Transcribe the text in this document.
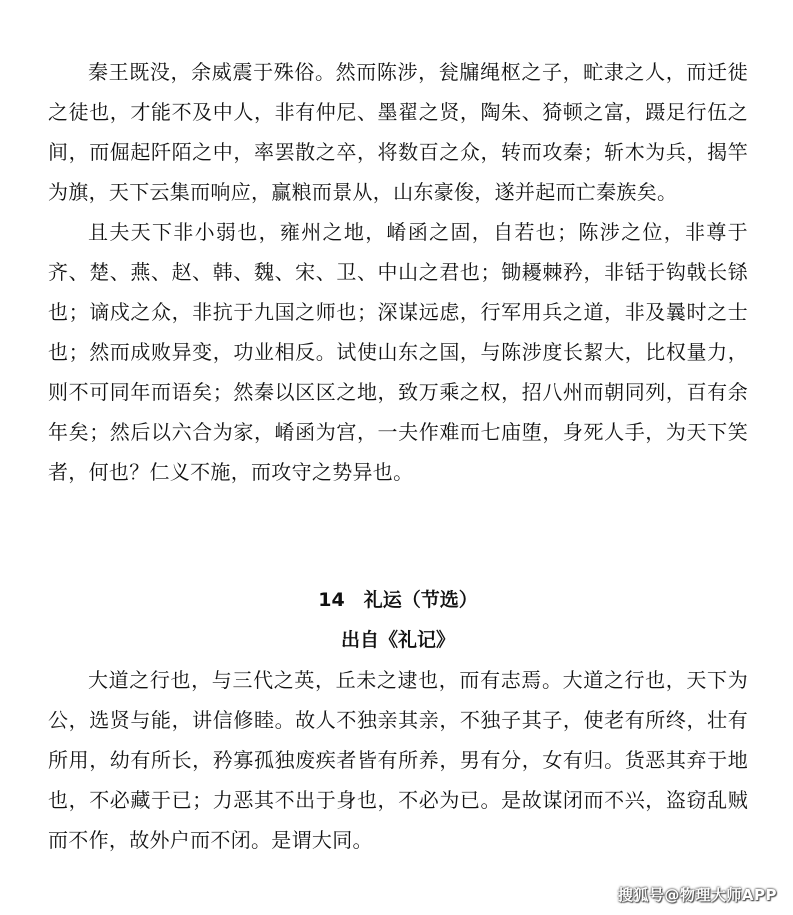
秦王既没，余威震于殊俗。然而陈涉，瓮牖绳枢之子，甿隶之人，而迁徙之徒也，才能不及中人，非有仲尼、墨翟之贤，陶朱、猗顿之富，蹑足行伍之间，而倔起阡陌之中，率罢散之卒，将数百之众，转而攻秦；斩木为兵，揭竿为旗，天下云集而响应，赢粮而景从，山东豪俊，遂并起而亡秦族矣。

且夫天下非小弱也，雍州之地，崤函之固，自若也；陈涉之位，非尊于齐、楚、燕、赵、韩、魏、宋、卫、中山之君也；锄耰棘矜，非铦于钩戟长铩也；谪戍之众，非抗于九国之师也；深谋远虑，行军用兵之道，非及曩时之士也；然而成败异变，功业相反。试使山东之国，与陈涉度长絜大，比权量力，则不可同年而语矣；然秦以区区之地，致万乘之权，招八州而朝同列，百有余年矣；然后以六合为家，崤函为宫，一夫作难而七庙堕，身死人手，为天下笑者，何也？仁义不施，而攻守之势异也。

14　礼运（节选）
出自《礼记》

大道之行也，与三代之英，丘未之逮也，而有志焉。大道之行也，天下为公，选贤与能，讲信修睦。故人不独亲其亲，不独子其子，使老有所终，壮有所用，幼有所长，矜寡孤独废疾者皆有所养，男有分，女有归。货恶其弃于地也，不必藏于已；力恶其不出于身也，不必为已。是故谋闭而不兴，盗窃乱贼而不作，故外户而不闭。是谓大同。

搜狐号@物理大师APP
